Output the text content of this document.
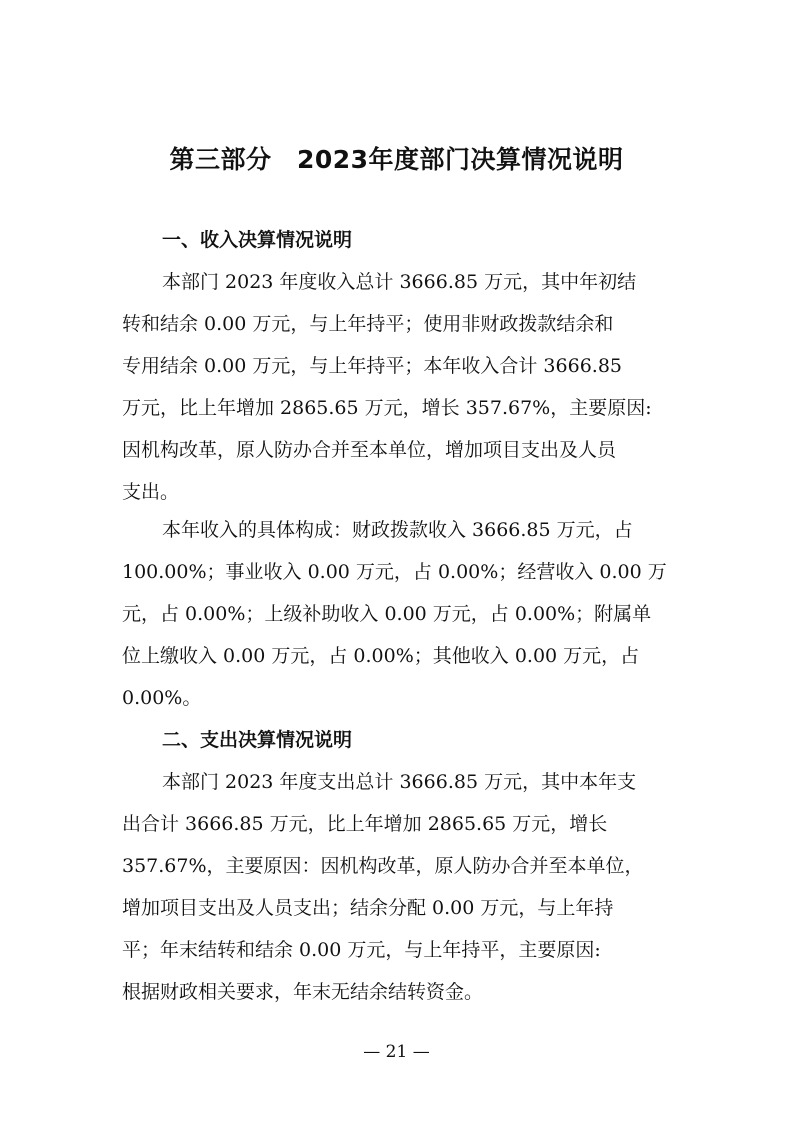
第三部分　2023年度部门决算情况说明
一、收入决算情况说明
本部门 2023 年度收入总计 3666.85 万元，其中年初结
转和结余 0.00 万元，与上年持平；使用非财政拨款结余和
专用结余 0.00 万元，与上年持平；本年收入合计 3666.85
万元，比上年增加 2865.65 万元，增长 357.67%，主要原因:
因机构改革，原人防办合并至本单位，增加项目支出及人员
支出。
本年收入的具体构成：财政拨款收入 3666.85 万元，占
100.00%；事业收入 0.00 万元，占 0.00%；经营收入 0.00 万
元，占 0.00%；上级补助收入 0.00 万元，占 0.00%；附属单
位上缴收入 0.00 万元，占 0.00%；其他收入 0.00 万元，占
0.00%。
二、支出决算情况说明
本部门 2023 年度支出总计 3666.85 万元，其中本年支
出合计 3666.85 万元，比上年增加 2865.65 万元，增长
357.67%，主要原因：因机构改革，原人防办合并至本单位，
增加项目支出及人员支出；结余分配 0.00 万元，与上年持
平；年末结转和结余 0.00 万元，与上年持平，主要原因:
根据财政相关要求，年末无结余结转资金。
— 21 —
